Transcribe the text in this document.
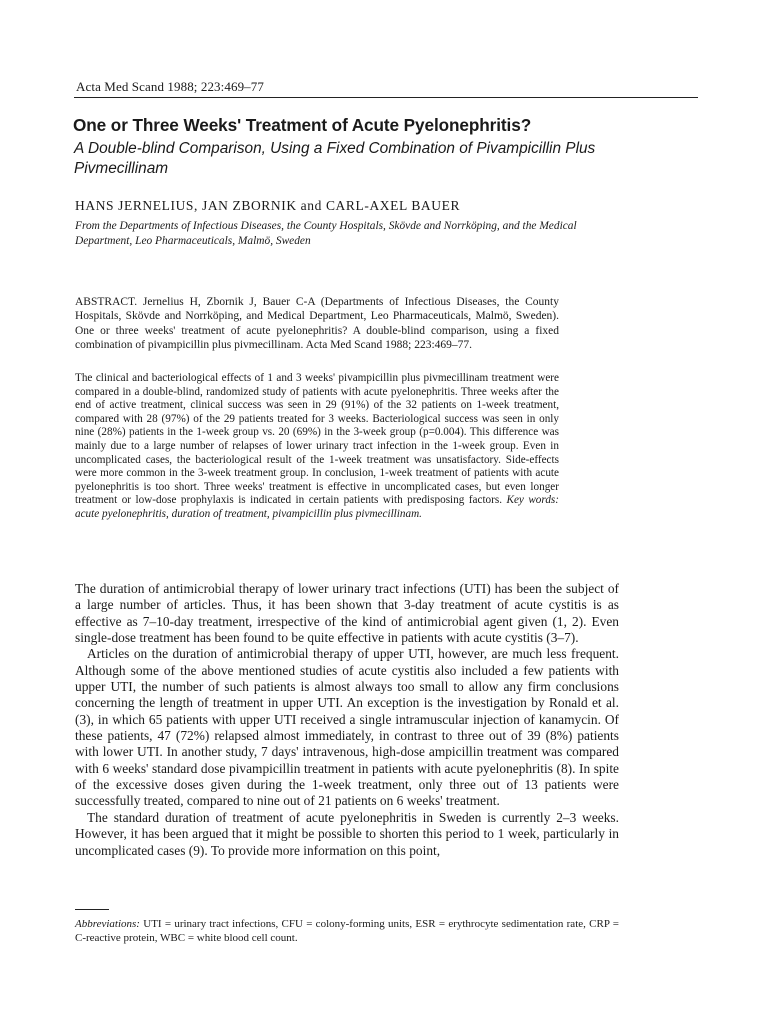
Acta Med Scand 1988; 223:469–77
One or Three Weeks' Treatment of Acute Pyelonephritis?
A Double-blind Comparison, Using a Fixed Combination of Pivampicillin Plus Pivmecillinam
HANS JERNELIUS, JAN ZBORNIK and CARL-AXEL BAUER
From the Departments of Infectious Diseases, the County Hospitals, Skövde and Norrköping, and the Medical Department, Leo Pharmaceuticals, Malmö, Sweden
ABSTRACT. Jernelius H, Zbornik J, Bauer C-A (Departments of Infectious Diseases, the County Hospitals, Skövde and Norrköping, and Medical Department, Leo Pharmaceuticals, Malmö, Sweden). One or three weeks' treatment of acute pyelonephritis? A double-blind comparison, using a fixed combination of pivampicillin plus pivmecillinam. Acta Med Scand 1988; 223:469–77.
The clinical and bacteriological effects of 1 and 3 weeks' pivampicillin plus pivmecillinam treatment were compared in a double-blind, randomized study of patients with acute pyelonephritis. Three weeks after the end of active treatment, clinical success was seen in 29 (91%) of the 32 patients on 1-week treatment, compared with 28 (97%) of the 29 patients treated for 3 weeks. Bacteriological success was seen in only nine (28%) patients in the 1-week group vs. 20 (69%) in the 3-week group (p=0.004). This difference was mainly due to a large number of relapses of lower urinary tract infection in the 1-week group. Even in uncomplicated cases, the bacteriological result of the 1-week treatment was unsatisfactory. Side-effects were more common in the 3-week treatment group. In conclusion, 1-week treatment of patients with acute pyelonephritis is too short. Three weeks' treatment is effective in uncomplicated cases, but even longer treatment or low-dose prophylaxis is indicated in certain patients with predisposing factors. Key words: acute pyelonephritis, duration of treatment, pivampicillin plus pivmecillinam.

The duration of antimicrobial therapy of lower urinary tract infections (UTI) has been the subject of a large number of articles. Thus, it has been shown that 3-day treatment of acute cystitis is as effective as 7–10-day treatment, irrespective of the kind of antimicrobial agent given (1, 2). Even single-dose treatment has been found to be quite effective in patients with acute cystitis (3–7).

Articles on the duration of antimicrobial therapy of upper UTI, however, are much less frequent. Although some of the above mentioned studies of acute cystitis also included a few patients with upper UTI, the number of such patients is almost always too small to allow any firm conclusions concerning the length of treatment in upper UTI. An exception is the investigation by Ronald et al. (3), in which 65 patients with upper UTI received a single intramuscular injection of kanamycin. Of these patients, 47 (72%) relapsed almost immediately, in contrast to three out of 39 (8%) patients with lower UTI. In another study, 7 days' intravenous, high-dose ampicillin treatment was compared with 6 weeks' standard dose pivampicillin treatment in patients with acute pyelonephritis (8). In spite of the excessive doses given during the 1-week treatment, only three out of 13 patients were successfully treated, compared to nine out of 21 patients on 6 weeks' treatment.

The standard duration of treatment of acute pyelonephritis in Sweden is currently 2–3 weeks. However, it has been argued that it might be possible to shorten this period to 1 week, particularly in uncomplicated cases (9). To provide more information on this point,

Abbreviations: UTI = urinary tract infections, CFU = colony-forming units, ESR = erythrocyte sedimentation rate, CRP = C-reactive protein, WBC = white blood cell count.
